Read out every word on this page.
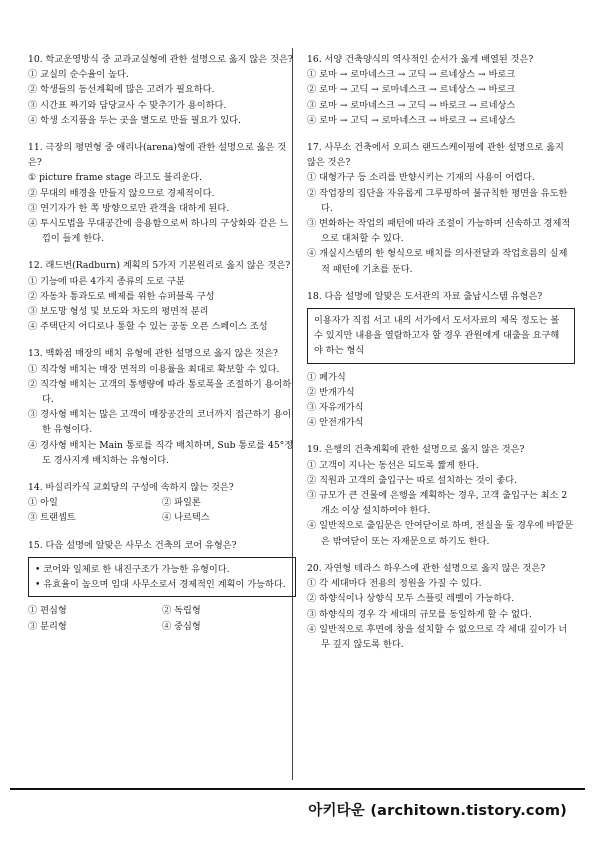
10. 학교운영방식 중 교과교실형에 관한 설명으로 옳지 않은 것은?

① 교실의 순수율이 높다.

② 학생들의 동선계획에 많은 고려가 필요하다.

③ 시간표 짜기와 담당교사 수 맞추기가 용이하다.

④ 학생 소지품을 두는 곳을 별도로 만들 필요가 있다.

11. 극장의 평면형 중 애리나(arena)형에 관한 설명으로 옳은 것은?

① picture frame stage 라고도 불리운다.

② 무대의 배경을 만들지 않으므로 경제적이다.

③ 연기자가 한 쪽 방향으로만 관객을 대하게 된다.

④ 투시도법을 무대공간에 응용함으로써 하나의 구상화와 같은 느낌이 들게 한다.

12. 래드번(Radburn) 계획의 5가지 기본원리로 옳지 않은 것은?

① 기능에 따른 4가지 종류의 도로 구분

② 자동차 통과도로 배제를 위한 슈퍼블록 구성

③ 보도망 형성 및 보도와 차도의 평면적 분리

④ 주택단지 어디로나 통할 수 있는 공동 오픈 스페이스 조성

13. 백화점 매장의 배치 유형에 관한 설명으로 옳지 않은 것은?

① 직각형 배치는 매장 면적의 이용률을 최대로 확보할 수 있다.

② 직각형 배치는 고객의 통행량에 따라 통로폭을 조절하기 용이하다.

③ 경사형 배치는 많은 고객이 매장공간의 코너까지 접근하기 용이한 유형이다.

④ 경사형 배치는 Main 통로를 직각 배치하며, Sub 통로를 45°정도 경사지게 배치하는 유형이다.

14. 바실리카식 교회당의 구성에 속하지 않는 것은?

① 아일	② 파일론

③ 트랜셉트	④ 나르텍스

15. 다음 설명에 알맞은 사무소 건축의 코어 유형은?

• 코어와 일체로 한 내진구조가 가능한 유형이다.

• 유효율이 높으며 임대 사무소로서 경제적인 계획이 가능하다.

① 편심형	② 독립형

③ 분리형	④ 중심형

16. 서양 건축양식의 역사적인 순서가 옳게 배열된 것은?

① 로마 → 로마네스크 → 고딕 → 르네상스 → 바로크

② 로마 → 고딕 → 로마네스크 → 르네상스 → 바로크

③ 로마 → 로마네스크 → 고딕 → 바로크 → 르네상스

④ 로마 → 고딕 → 로마네스크 → 바로크 → 르네상스

17. 사무소 건축에서 오피스 랜드스케이핑에 관한 설명으로 옳지 않은 것은?

① 대형가구 등 소리를 반향시키는 기재의 사용이 어렵다.

② 작업장의 집단을 자유롭게 그루핑하여 불규칙한 평면을 유도한다.

③ 변화하는 작업의 패턴에 따라 조절이 가능하며 신속하고 경제적으로 대처할 수 있다.

④ 개실시스템의 한 형식으로 배치를 의사전달과 작업흐름의 실제적 패턴에 기초를 둔다.

18. 다음 설명에 알맞은 도서관의 자료 출납시스템 유형은?

이용자가 직접 서고 내의 서가에서 도서자료의 제목 정도는 볼 수 있지만 내용을 열람하고자 할 경우 관원에게 대출을 요구해야 하는 형식

① 폐가식

② 반개가식

③ 자유개가식

④ 안전개가식

19. 은행의 건축계획에 관한 설명으로 옳지 않은 것은?

① 고객이 지나는 동선은 되도록 짧게 한다.

② 직원과 고객의 출입구는 따로 설치하는 것이 좋다.

③ 규모가 큰 건물에 은행을 계획하는 경우, 고객 출입구는 최소 2개소 이상 설치하여야 한다.

④ 일반적으로 출입문은 안여닫이로 하며, 전실을 둘 경우에 바깥문은 밖여닫이 또는 자재문으로 하기도 한다.

20. 자연형 테라스 하우스에 관한 설명으로 옳지 않은 것은?

① 각 세대마다 전용의 정원을 가질 수 있다.

② 하향식이나 상향식 모두 스플릿 레벨이 가능하다.

③ 하향식의 경우 각 세대의 규모를 동일하게 할 수 없다.

④ 일반적으로 후면에 창을 설치할 수 없으므로 각 세대 깊이가 너무 깊지 않도록 한다.

아키타운 (architown.tistory.com)
